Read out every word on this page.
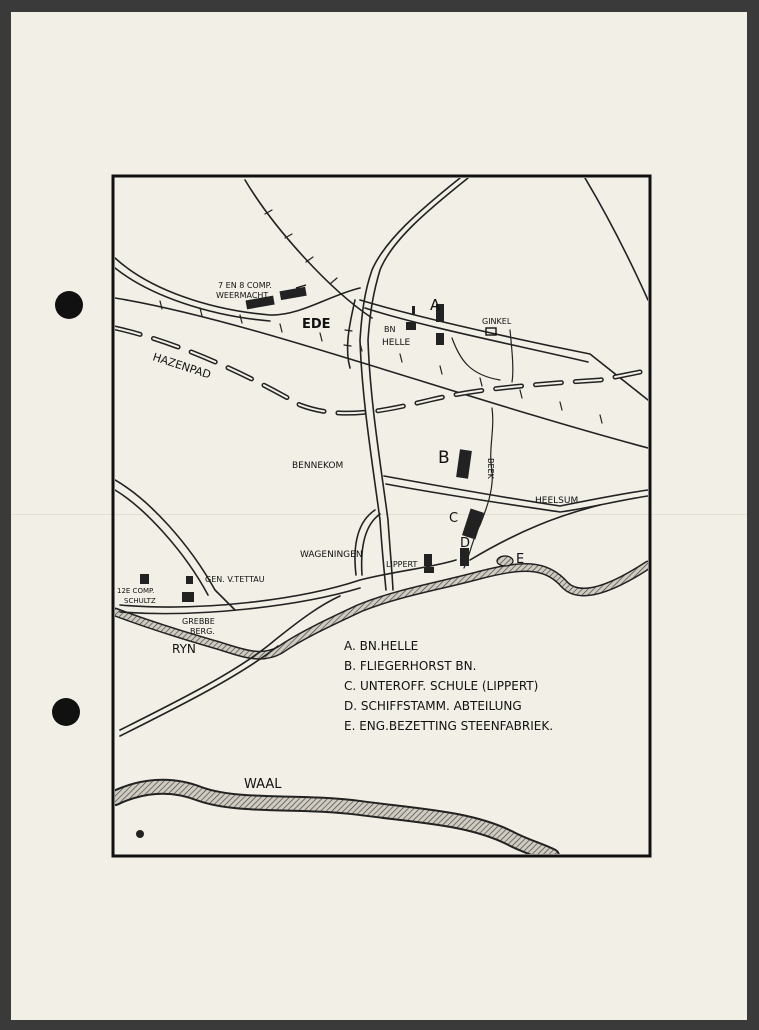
7 EN 8 COMP.
WEERMACHT
EDE	BN
HELLE
A
GINKEL
HAZENPAD
BENNEKOM	B	BEEK
HEELSUM
C
D
WAGENINGEN
LIPPERT	E
12E COMP.
SCHULTZ
GEN. V.TETTAU
GREBBE
BERG.
RYN
WAAL
A. BN.HELLE
B. FLIEGERHORST BN.
C. UNTEROFF. SCHULE (LIPPERT)
D. SCHIFFSTAMM. ABTEILUNG
E. ENG.BEZETTING STEENFABRIEK.
